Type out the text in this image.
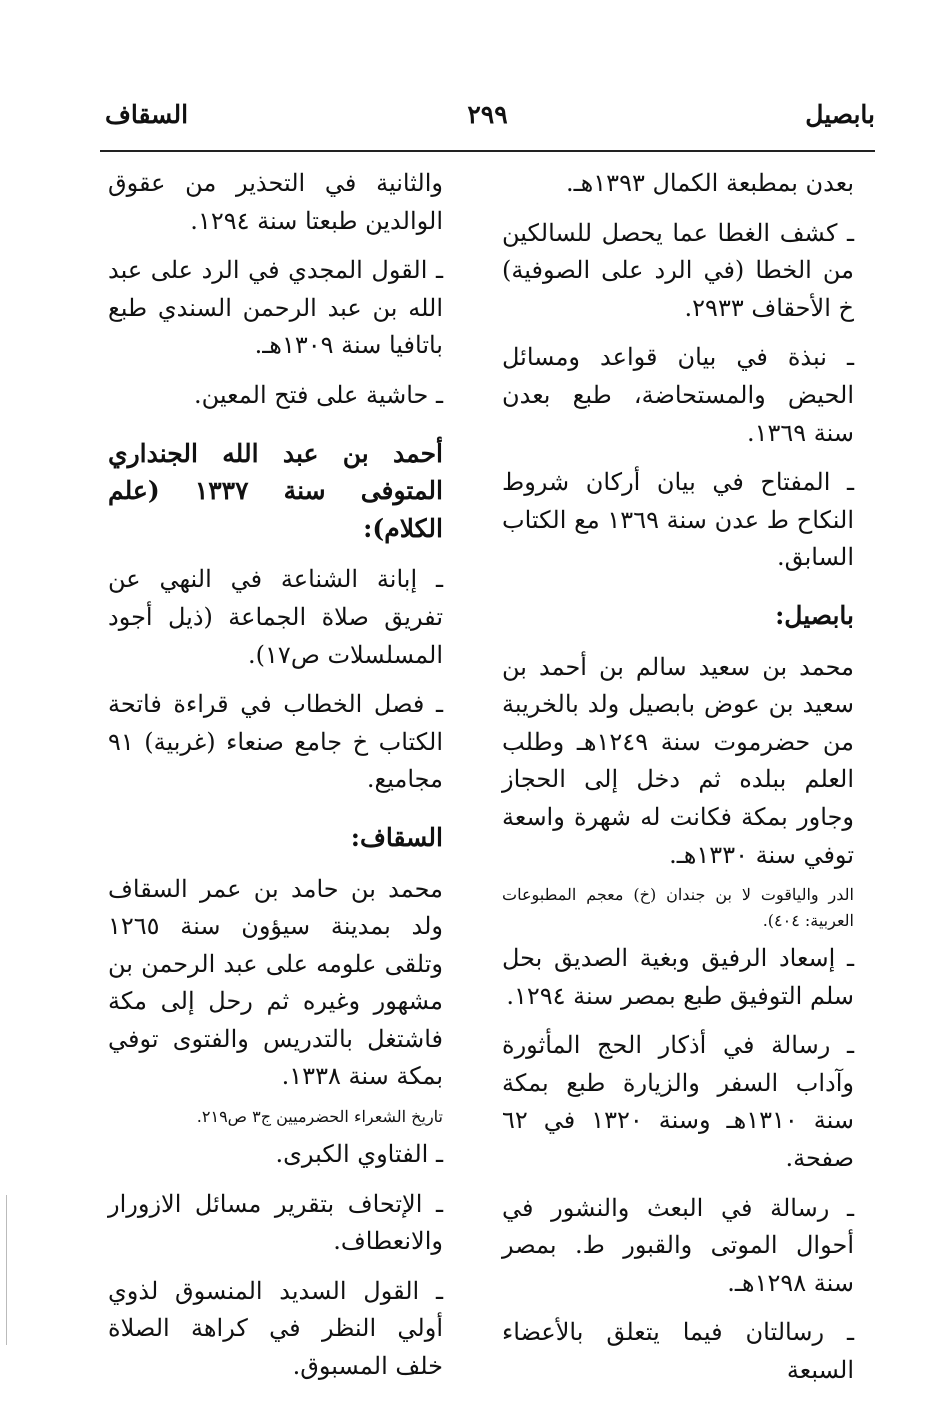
بابصيل
٢٩٩
السقاف

بعدن بمطبعة الكمال ١٣٩٣هـ.

ـ كشف الغطا عما يحصل للسالكين من الخطا (في الرد على الصوفية) خ الأحقاف ٢٩٣٣.

ـ نبذة في بيان قواعد ومسائل الحيض والمستحاضة، طبع بعدن سنة ١٣٦٩.

ـ المفتاح في بيان أركان شروط النكاح ط عدن سنة ١٣٦٩ مع الكتاب السابق.

بابصيل:

محمد بن سعيد سالم بن أحمد بن سعيد بن عوض بابصيل ولد بالخريبة من حضرموت سنة ١٢٤٩هـ وطلب العلم ببلده ثم دخل إلى الحجاز وجاور بمكة فكانت له شهرة واسعة توفي سنة ١٣٣٠هـ.

الدر والياقوت لا بن جندان (خ) معجم المطبوعات العربية: ٤٠٤).

ـ إسعاد الرفيق وبغية الصديق بحل سلم التوفيق طبع بمصر سنة ١٢٩٤.

ـ رسالة في أذكار الحج المأثورة وآداب السفر والزيارة طبع بمكة سنة ١٣١٠هـ وسنة ١٣٢٠ في ٦٢ صفحة.

ـ رسالة في البعث والنشور في أحوال الموتى والقبور ط. بمصر سنة ١٢٩٨هـ.

ـ رسالتان فيما يتعلق بالأعضاء السبعة

والثانية في التحذير من عقوق الوالدين طبعتا سنة ١٢٩٤.

ـ القول المجدي في الرد على عبد الله بن عبد الرحمن السندي طبع باتافيا سنة ١٣٠٩هـ.

ـ حاشية على فتح المعين.

أحمد بن عبد الله الجنداري المتوفى سنة ١٣٣٧ (علم الكلام):

ـ إبانة الشناعة في النهي عن تفريق صلاة الجماعة (ذيل أجود المسلسلات ص١٧).

ـ فصل الخطاب في قراءة فاتحة الكتاب خ جامع صنعاء (غربية) ٩١ مجاميع.

السقاف:

محمد بن حامد بن عمر السقاف ولد بمدينة سيؤون سنة ١٢٦٥ وتلقى علومه على عبد الرحمن بن مشهور وغيره ثم رحل إلى مكة فاشتغل بالتدريس والفتوى توفي بمكة سنة ١٣٣٨.

تاريخ الشعراء الحضرميين ج٣ ص٢١٩.

ـ الفتاوي الكبرى.

ـ الإتحاف بتقرير مسائل الازورار والانعطاف.

ـ القول السديد المنسوق لذوي أولي النظر في كراهة الصلاة خلف المسبوق.
